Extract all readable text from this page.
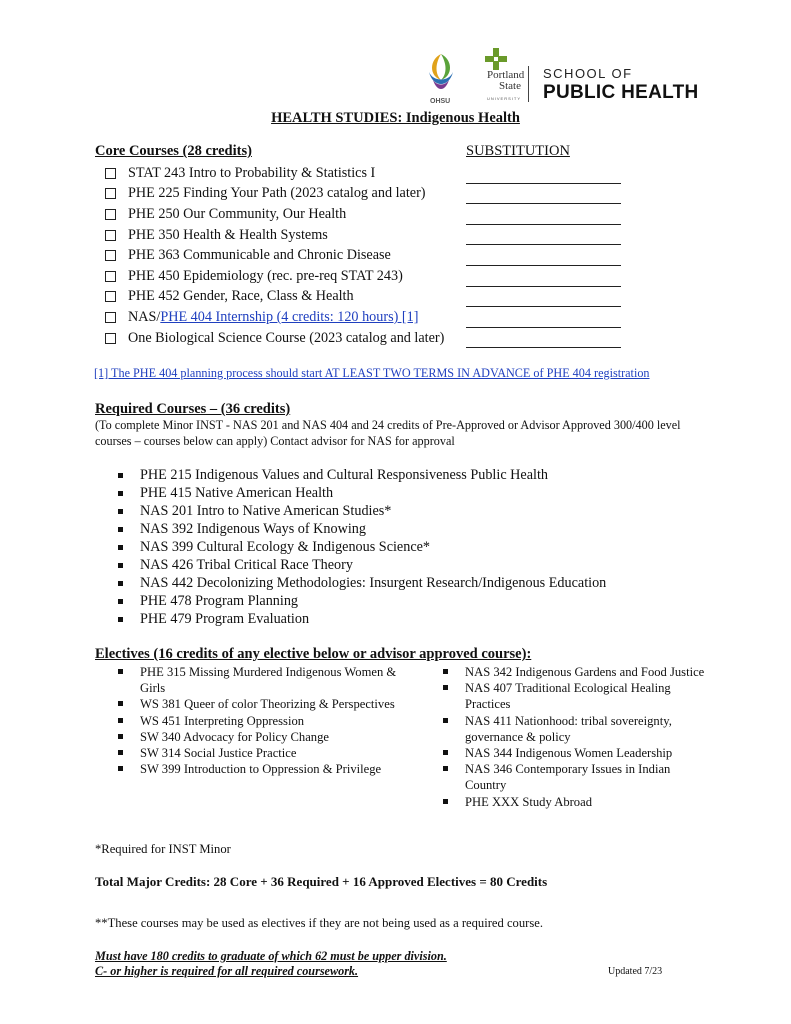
OHSU
Portland
State
UNIVERSITY
SCHOOL OF
PUBLIC HEALTH
HEALTH STUDIES: Indigenous Health
Core Courses (28 credits)	SUBSTITUTION
STAT 243 Intro to Probability & Statistics I
PHE 225 Finding Your Path (2023 catalog and later)
PHE 250 Our Community, Our Health
PHE 350 Health & Health Systems
PHE 363 Communicable and Chronic Disease
PHE 450 Epidemiology (rec. pre-req STAT 243)
PHE 452 Gender, Race, Class & Health
NAS/ PHE 404 Internship (4 credits: 120 hours) [1]
One Biological Science Course (2023 catalog and later)
[1] The PHE 404 planning process should start AT LEAST TWO TERMS IN ADVANCE of PHE 404 registration
Required Courses – (36 credits)
(To complete Minor INST - NAS 201 and NAS 404 and 24 credits of Pre-Approved or Advisor Approved 300/400 level courses – courses below can apply) Contact advisor for NAS for approval
PHE 215 Indigenous Values and Cultural Responsiveness Public Health
PHE 415 Native American Health
NAS 201 Intro to Native American Studies*
NAS 392 Indigenous Ways of Knowing
NAS 399 Cultural Ecology & Indigenous Science*
NAS 426 Tribal Critical Race Theory
NAS 442 Decolonizing Methodologies: Insurgent Research/Indigenous Education
PHE 478 Program Planning
PHE 479 Program Evaluation
Electives (16 credits of any elective below or advisor approved course):
PHE 315 Missing Murdered Indigenous Women & Girls
WS 381 Queer of color Theorizing & Perspectives
WS 451 Interpreting Oppression
SW 340 Advocacy for Policy Change
SW 314 Social Justice Practice
SW 399 Introduction to Oppression & Privilege
NAS 342 Indigenous Gardens and Food Justice
NAS 407 Traditional Ecological Healing Practices
NAS 411 Nationhood: tribal sovereignty, governance & policy
NAS 344 Indigenous Women Leadership
NAS 346 Contemporary Issues in Indian Country
PHE XXX Study Abroad
*Required for INST Minor
Total Major Credits: 28 Core + 36 Required + 16 Approved Electives = 80 Credits
**These courses may be used as electives if they are not being used as a required course.
Must have 180 credits to graduate of which 62 must be upper division.
C- or higher is required for all required coursework.	Updated 7/23
